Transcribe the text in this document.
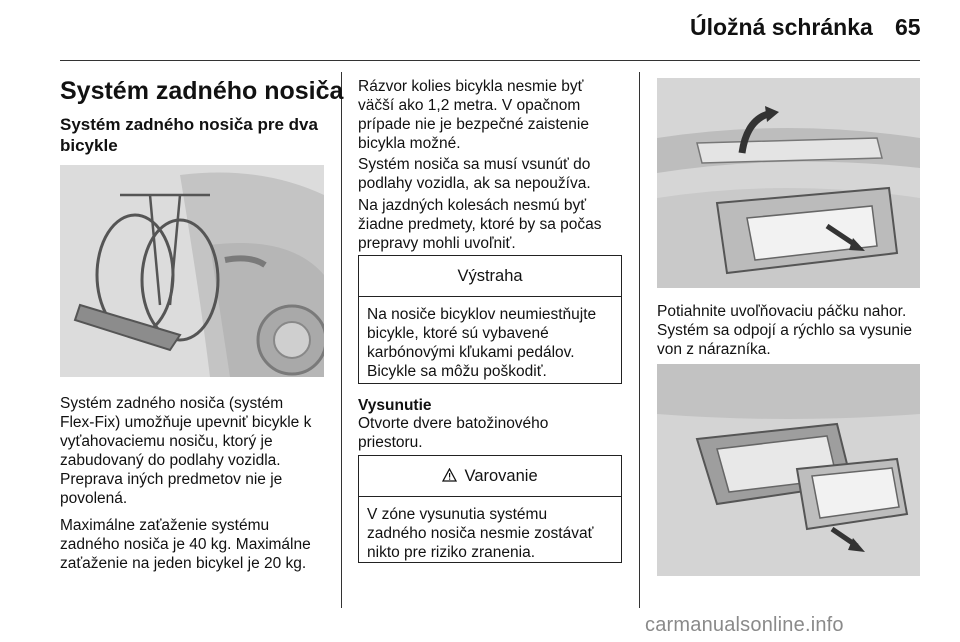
Úložná schránka 65
Systém zadného nosiča
Systém zadného nosiča pre dva bicykle
Systém zadného nosiča (systém
Flex-Fix) umožňuje upevniť bicykle k
vyťahovaciemu nosiču, ktorý je
zabudovaný do podlahy vozidla.
Preprava iných predmetov nie je
povolená.
Maximálne zaťaženie systému
zadného nosiča je 40 kg. Maximálne
zaťaženie na jeden bicykel je 20 kg.
Rázvor kolies bicykla nesmie byť
väčší ako 1,2 metra. V opačnom
prípade nie je bezpečné zaistenie
bicykla možné.
Systém nosiča sa musí vsunúť do
podlahy vozidla, ak sa nepoužíva.
Na jazdných kolesách nesmú byť
žiadne predmety, ktoré by sa počas
prepravy mohli uvoľniť.
Výstraha
Na nosiče bicyklov neumiestňujte
bicykle, ktoré sú vybavené
karbónovými kľukami pedálov.
Bicykle sa môžu poškodiť.
Vysunutie
Otvorte dvere batožinového
priestoru.
Varovanie
V zóne vysunutia systému
zadného nosiča nesmie zostávať
nikto pre riziko zranenia.
Potiahnite uvoľňovaciu páčku nahor.
Systém sa odpojí a rýchlo sa vysunie
von z nárazníka.
carmanualsonline.info
